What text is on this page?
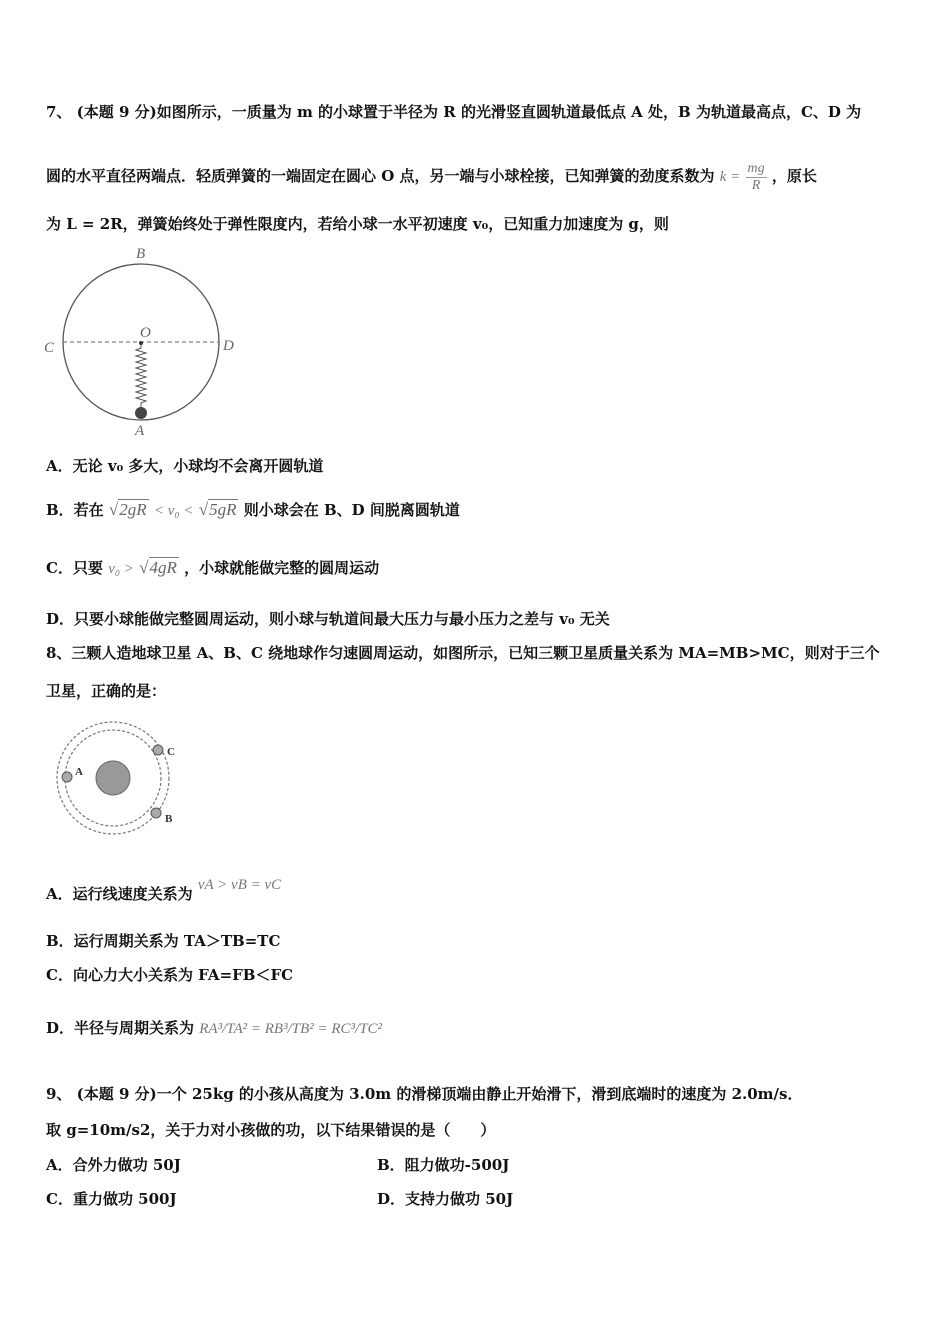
7、 (本题 9 分)如图所示，一质量为 m 的小球置于半径为 R 的光滑竖直圆轨道最低点 A 处，B 为轨道最高点，C、D 为
圆的水平直径两端点．轻质弹簧的一端固定在圆心 O 点，另一端与小球栓接，已知弹簧的劲度系数为 $k = \frac{mg}{R}$ ，原长
为 L = 2R，弹簧始终处于弹性限度内，若给小球一水平初速度 v₀，已知重力加速度为 g，则
B
C	D
O
A
A．无论 v₀ 多大，小球均不会离开圆轨道
B．若在 √2gR < v₀ < √5gR 则小球会在 B、D 间脱离圆轨道
C．只要 v₀ > √4gR ，小球就能做完整的圆周运动
D．只要小球能做完整圆周运动，则小球与轨道间最大压力与最小压力之差与 v₀ 无关
8、三颗人造地球卫星 A、B、C 绕地球作匀速圆周运动，如图所示，已知三颗卫星质量关系为 MA=MB>MC，则对于三个
卫星，正确的是：
A
C
B
A．运行线速度关系为 vA > vB = vC
B．运行周期关系为 TA＞TB=TC
C．向心力大小关系为 FA=FB＜FC
D．半径与周期关系为 RA³/TA² = RB³/TB² = RC³/TC²
9、 (本题 9 分)一个 25kg 的小孩从高度为 3.0m 的滑梯顶端由静止开始滑下，滑到底端时的速度为 2.0m/s．
取 g=10m/s2，关于力对小孩做的功，以下结果错误的是（　　）
A．合外力做功 50J	B．阻力做功-500J
C．重力做功 500J	D．支持力做功 50J
